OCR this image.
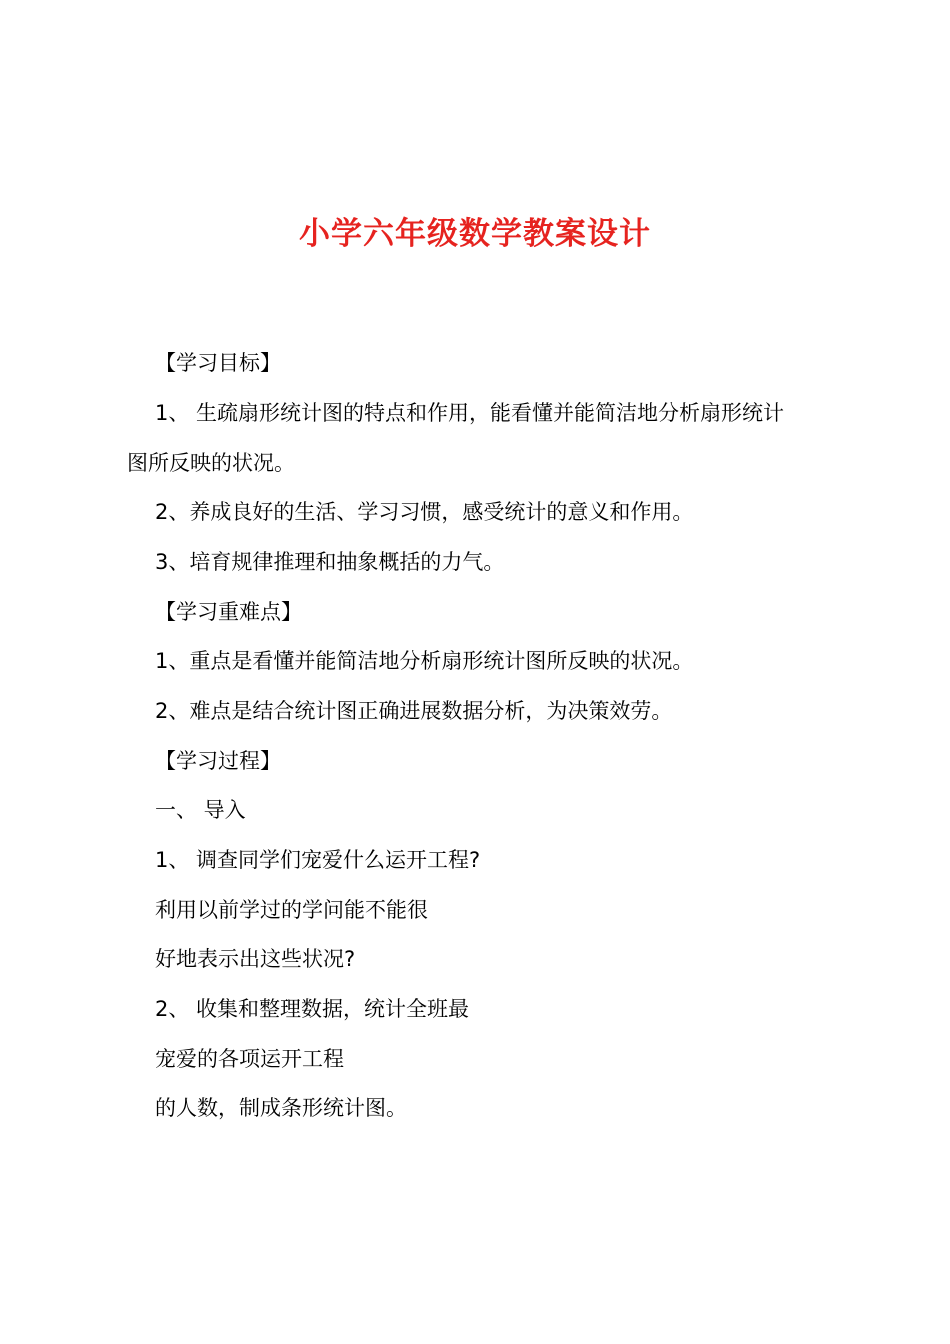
小学六年级数学教案设计
【学习目标】
1、 生疏扇形统计图的特点和作用，能看懂并能简洁地分析扇形统计
图所反映的状况。
2、养成良好的生活、学习习惯，感受统计的意义和作用。
3、培育规律推理和抽象概括的力气。
【学习重难点】
1、重点是看懂并能简洁地分析扇形统计图所反映的状况。
2、难点是结合统计图正确进展数据分析，为决策效劳。
【学习过程】
一、 导入
1、 调查同学们宠爱什么运开工程?
利用以前学过的学问能不能很
好地表示出这些状况?
2、 收集和整理数据，统计全班最
宠爱的各项运开工程
的人数，制成条形统计图。
